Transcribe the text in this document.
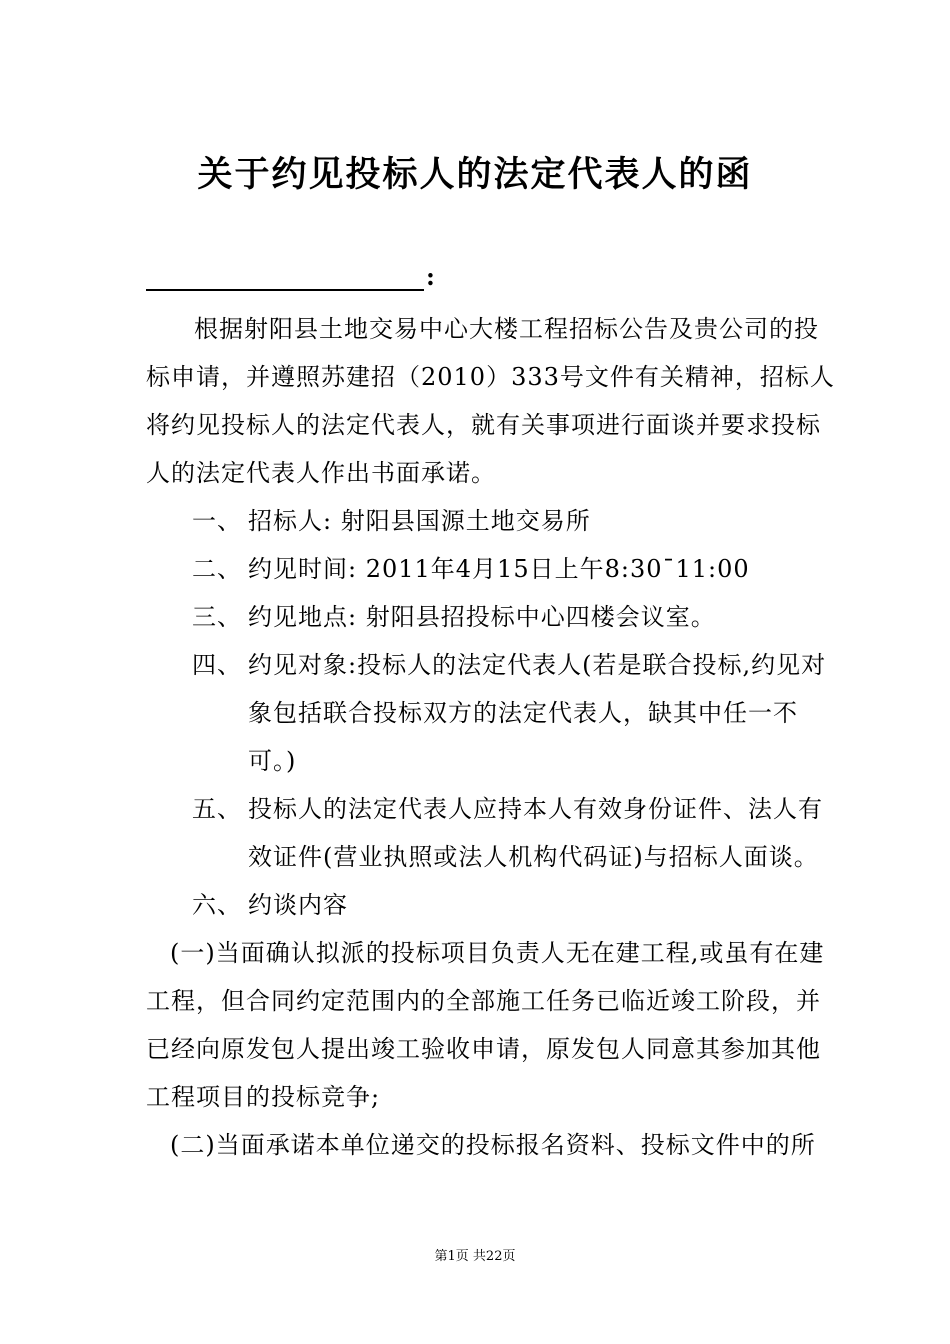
关于约见投标人的法定代表人的函
:

根据射阳县土地交易中心大楼工程招标公告及贵公司的投标申请，并遵照苏建招（2010）333号文件有关精神，招标人将约见投标人的法定代表人，就有关事项进行面谈并要求投标人的法定代表人作出书面承诺。

一、 招标人: 射阳县国源土地交易所
二、 约见时间: 2011年4月15日上午8:30¯11:00
三、 约见地点: 射阳县招投标中心四楼会议室。
四、 约见对象:投标人的法定代表人(若是联合投标,约见对象包括联合投标双方的法定代表人，缺其中任一不可。)
五、 投标人的法定代表人应持本人有效身份证件、法人有效证件(营业执照或法人机构代码证)与招标人面谈。
六、 约谈内容

(一)当面确认拟派的投标项目负责人无在建工程,或虽有在建工程，但合同约定范围内的全部施工任务已临近竣工阶段，并已经向原发包人提出竣工验收申请，原发包人同意其参加其他工程项目的投标竞争;

(二)当面承诺本单位递交的投标报名资料、投标文件中的所

第1页 共22页
